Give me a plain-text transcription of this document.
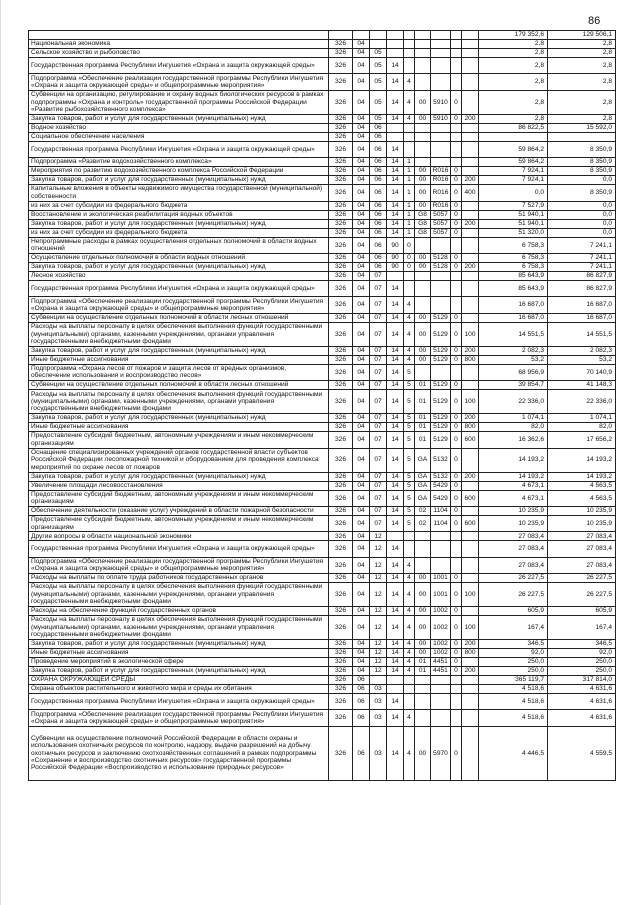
86
										179 352,6	129 506,1
Национальная экономика	326	04								2,8	2,8
Сельское хозяйство и рыболовство	326	04	05							2,8	2,8
Государственная программа Республики Ингушетия «Охрана и защита окружающей среды»	326	04	05	14						2,8	2,8
Подпрограмма «Обеспечение реализации государственной программы Республики Ингушетия «Охрана и защита окружающей среды» и общепрограммные мероприятия»	326	04	05	14	4					2,8	2,8
Субвенции на организацию, регулирование и охрану водных биологических ресурсов в рамках подпрограммы «Охрана и контроль» государственной программы Российской Федерации «Развитие рыбохозяйственного комплекса»	326	04	05	14	4	00	5910	0		2,8	2,8
Закупка товаров, работ и услуг для государственных (муниципальных) нужд	326	04	05	14	4	00	5910	0	200	2,8	2,8
Водное хозяйство	326	04	06							86 822,5	15 592,0
Социальное обеспечение населения	326	04	06								
Государственная программа Республики Ингушетия «Охрана и защита окружающей среды»	326	04	06	14						59 864,2	8 350,9
Подпрограмма «Развитие водохозяйственного комплекса»	326	04	06	14	1					59 864,2	8 350,9
Мероприятия по развитию водохозяйственного комплекса Российской Федерации	326	04	06	14	1	00	R016	0		7 924,1	8 350,9
Закупка товаров, работ и услуг для государственных (муниципальных) нужд	326	04	06	14	1	00	R016	0	200	7 924,1	0,0
Капитальные вложения в объекты недвижимого имущества государственной (муниципальной) собственности	326	04	06	14	1	00	R016	0	400	0,0	8 350,9
из них за счет субсидии из федерального бюджета	326	04	06	14	1	00	R016	0		7 527,9	0,0
Восстановление и экологическая реабилитация водных объектов	326	04	06	14	1	G8	5057	0		51 940,1	0,0
Закупка товаров, работ и услуг для государственных (муниципальных) нужд	326	04	06	14	1	G8	5057	0	200	51 940,1	0,0
из них за счет субсидии из федерального бюджета	326	04	06	14	1	G8	5057	0		51 320,0	0,0
Непрограммные расходы в рамках осуществления отдельных полномочий в области водных отношений	326	04	06	90	0					6 758,3	7 241,1
Осуществление отдельных полномочий в области водных отношений	326	04	06	90	0	00	5128	0		6 758,3	7 241,1
Закупка товаров, работ и услуг для государственных (муниципальных) нужд	326	04	06	90	0	00	5128	0	200	6 758,3	7 241,1
Лесное хозяйство	326	04	07							85 643,9	86 827,9
Государственная программа Республики Ингушетия «Охрана и защита окружающей среды»	326	04	07	14						85 643,9	86 827,9
Подпрограмма «Обеспечение реализации государственной программы Республики Ингушетия «Охрана и защита окружающей среды» и общепрограммные мероприятия»	326	04	07	14	4					16 687,0	16 687,0
Субвенции на осуществление отдельных полномочий в области лесных отношений	326	04	07	14	4	00	5129	0		16 687,0	16 687,0
Расходы на выплаты персоналу в целях обеспечения выполнения функций государственными (муниципальными) органами, казенными учреждениями, органами управления государственными внебюджетными фондами	326	04	07	14	4	00	5129	0	100	14 551,5	14 551,5
Закупка товаров, работ и услуг для государственных (муниципальных) нужд	326	04	07	14	4	00	5129	0	200	2 082,3	2 082,3
Иные бюджетные ассигнования	326	04	07	14	4	00	5129	0	800	53,2	53,2
Подпрограмма «Охрана лесов от пожаров и защита лесов от вредных организмов, обеспечение использования и воспроизводство лесов»	326	04	07	14	5					68 956,9	70 140,9
Субвенции на осуществление отдельных полномочий в области лесных отношений	326	04	07	14	5	01	5129	0		39 854,7	41 148,3
Расходы на выплаты персоналу в целях обеспечения выполнения функций государственными (муниципальными) органами, казенными учреждениями, органами управления государственными внебюджетными фондами	326	04	07	14	5	01	5129	0	100	22 336,0	22 336,0
Закупка товаров, работ и услуг для государственных (муниципальных) нужд	326	04	07	14	5	01	5129	0	200	1 074,1	1 074,1
Иные бюджетные ассигнования	326	04	07	14	5	01	5129	0	800	82,0	82,0
Предоставление субсидий бюджетным, автономным учреждениям и иным некоммерческим организациям	326	04	07	14	5	01	5129	0	600	16 362,6	17 656,2
Оснащение специализированных учреждений органов государственной власти субъектов Российской Федерации лесопожарной техникой и оборудованием для проведения комплекса мероприятий по охране лесов от пожаров	326	04	07	14	5	GA	5132	0		14 193,2	14 193,2
Закупка товаров, работ и услуг для государственных (муниципальных) нужд	326	04	07	14	5	GA	5132	0	200	14 193,2	14 193,2
Увеличение площади лесовосстановления	326	04	07	14	5	GA	5429	0		4 673,1	4 563,5
Предоставление субсидий бюджетным, автономным учреждениям и иным некоммерческим организациям	326	04	07	14	5	GA	5429	0	600	4 673,1	4 563,5
Обеспечение деятельности (оказание услуг) учреждений в области пожарной безопасности	326	04	07	14	5	02	1104	0		10 235,9	10 235,9
Предоставление субсидий бюджетным, автономным учреждениям и иным некоммерческим организациям	326	04	07	14	5	02	1104	0	600	10 235,9	10 235,9
Другие вопросы в области национальной экономики	326	04	12							27 083,4	27 083,4
Государственная программа Республики Ингушетия «Охрана и защита окружающей среды»	326	04	12	14						27 083,4	27 083,4
Подпрограмма «Обеспечение реализации государственной программы Республики Ингушетия «Охрана и защита окружающей среды» и общепрограммные мероприятия»	326	04	12	14	4					27 083,4	27 083,4
Расходы на выплаты по оплате труда работников государственных органов	326	04	12	14	4	00	1001	0		26 227,5	26 227,5
Расходы на выплаты персоналу в целях обеспечения выполнения функций государственными (муниципальными) органами, казенными учреждениями, органами управления государственными внебюджетными фондами	326	04	12	14	4	00	1001	0	100	26 227,5	26 227,5
Расходы на обеспечение функций государственных органов	326	04	12	14	4	00	1002	0		605,9	605,9
Расходы на выплаты персоналу в целях обеспечения выполнения функций государственными (муниципальными) органами, казенными учреждениями, органами управления государственными внебюджетными фондами	326	04	12	14	4	00	1002	0	100	167,4	167,4
Закупка товаров, работ и услуг для государственных (муниципальных) нужд	326	04	12	14	4	00	1002	0	200	346,5	346,5
Иные бюджетные ассигнования	326	04	12	14	4	00	1002	0	800	92,0	92,0
Проведение мероприятий в экологической сфере	326	04	12	14	4	01	4451	0		250,0	250,0
Закупка товаров, работ и услуг для государственных (муниципальных) нужд	326	04	12	14	4	01	4451	0	200	250,0	250,0
ОХРАНА ОКРУЖАЮЩЕЙ СРЕДЫ	326	06								365 119,7	317 814,0
Охрана объектов растительного и животного мира и среды их обитания	326	06	03							4 518,6	4 631,6
Государственная программа Республики Ингушетия «Охрана и защита окружающей среды»	326	06	03	14						4 518,6	4 631,6
Подпрограмма «Обеспечение реализации государственной программы Республики Ингушетия «Охрана и защита окружающей среды» и общепрограммные мероприятия»	326	06	03	14	4					4 518,6	4 631,6
Субвенции на осуществление полномочий Российской Федерации в области охраны и использования охотничьих ресурсов по контролю, надзору, выдаче разрешений на добычу охотничьих ресурсов и заключению охотхозяйственных соглашений в рамках подпрограммы «Сохранение и воспроизводство охотничьих ресурсов» государственной программы Российской Федерации «Воспроизводство и использование природных ресурсов»	326	06	03	14	4	00	5970	0		4 446,5	4 559,5
